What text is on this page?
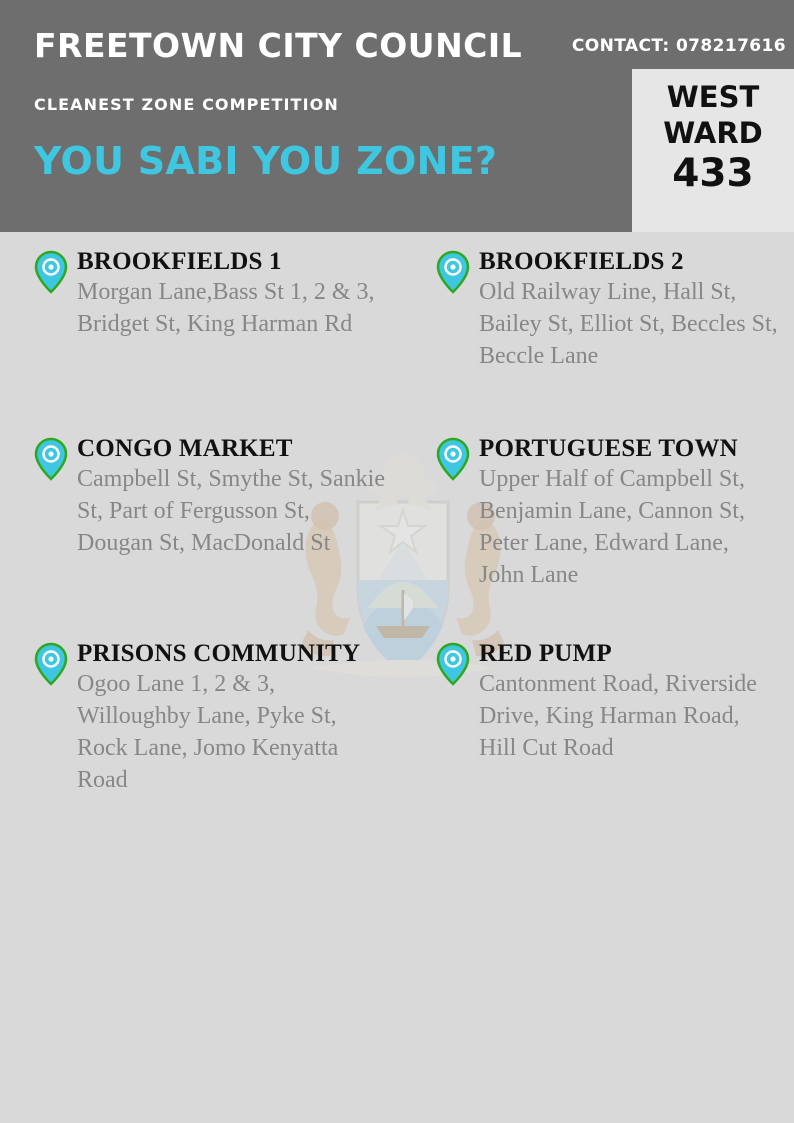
FREETOWN CITY COUNCIL	CONTACT: 078217616
CLEANEST ZONE COMPETITION
YOU SABI YOU ZONE?
WEST
WARD
433
BROOKFIELDS 1
Morgan Lane,Bass St 1, 2 & 3, Bridget St, King Harman Rd
BROOKFIELDS 2
Old Railway Line, Hall St, Bailey St, Elliot St, Beccles St, Beccle Lane
CONGO MARKET
Campbell St, Smythe St, Sankie St, Part of Fergusson St, Dougan St, MacDonald St
PORTUGUESE TOWN
Upper Half of Campbell St, Benjamin Lane, Cannon St, Peter Lane, Edward Lane, John Lane
PRISONS COMMUNITY
Ogoo Lane 1, 2 & 3, Willoughby Lane, Pyke St, Rock Lane, Jomo Kenyatta Road
RED PUMP
Cantonment Road, Riverside Drive, King Harman Road, Hill Cut Road
